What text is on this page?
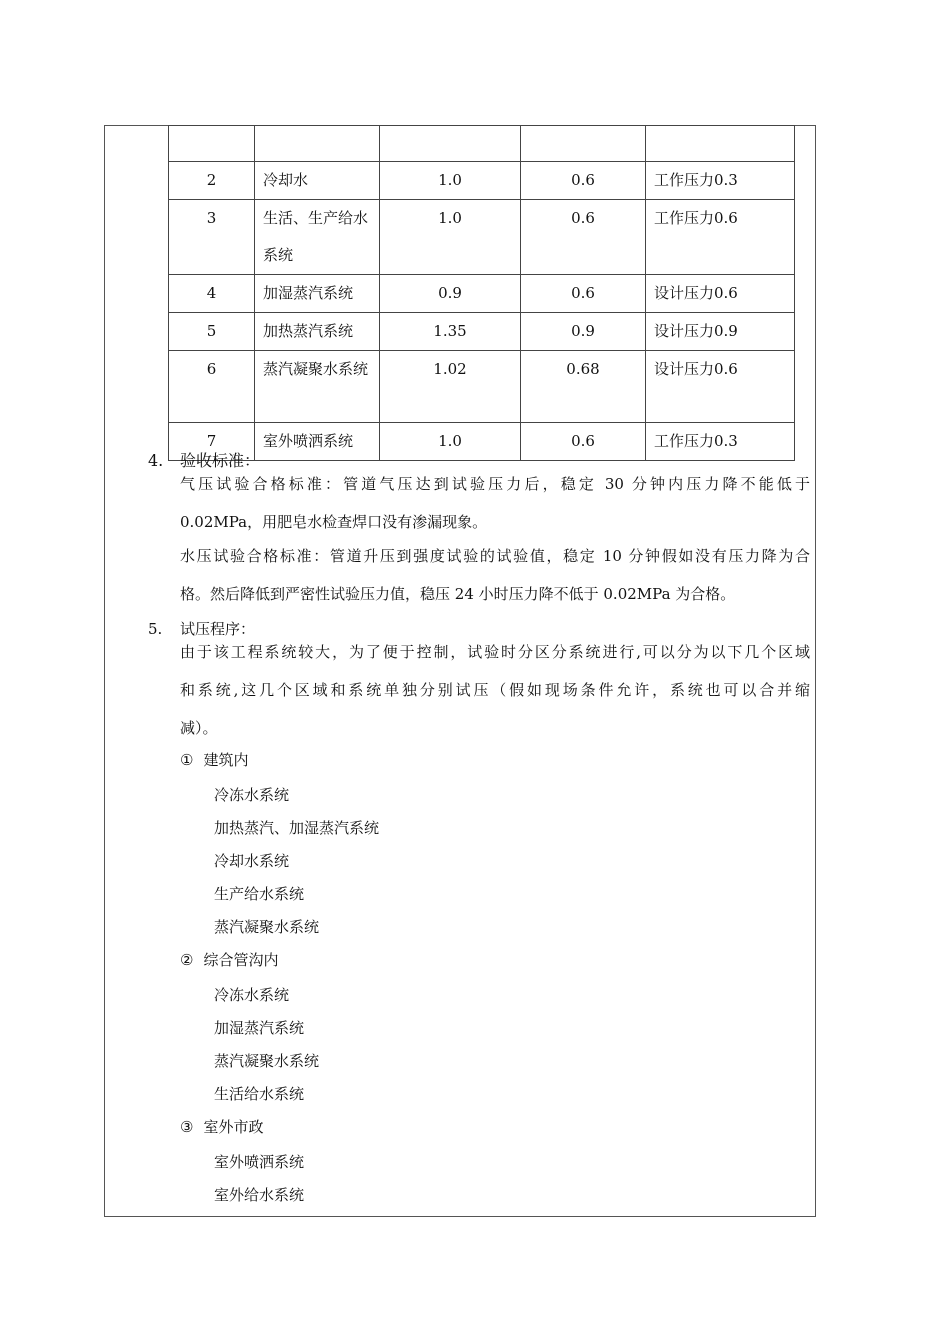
2	冷却水	1.0	0.6	工作压力0.3
3	生活、生产给水系统	1.0	0.6	工作压力0.6
4	加湿蒸汽系统	0.9	0.6	设计压力0.6
5	加热蒸汽系统	1.35	0.9	设计压力0.9
6	蒸汽凝聚水系统	1.02	0.68	设计压力0.6
7	室外喷洒系统	1.0	0.6	工作压力0.3
4. 验收标准：
气压试验合格标准：管道气压达到试验压力后，稳定 30 分钟内压力降不能低于
0.02MPa，用肥皂水检查焊口没有渗漏现象。
水压试验合格标准：管道升压到强度试验的试验值，稳定 10 分钟假如没有压力降为合
格。然后降低到严密性试验压力值，稳压 24 小时压力降不低于 0.02MPa 为合格。
5. 试压程序：
由于该工程系统较大，为了便于控制，试验时分区分系统进行,可以分为以下几个区域
和系统,这几个区域和系统单独分别试压（假如现场条件允许，系统也可以合并缩
减）。
① 建筑内
冷冻水系统
加热蒸汽、加湿蒸汽系统
冷却水系统
生产给水系统
蒸汽凝聚水系统
② 综合管沟内
冷冻水系统
加湿蒸汽系统
蒸汽凝聚水系统
生活给水系统
③ 室外市政
室外喷洒系统
室外给水系统
